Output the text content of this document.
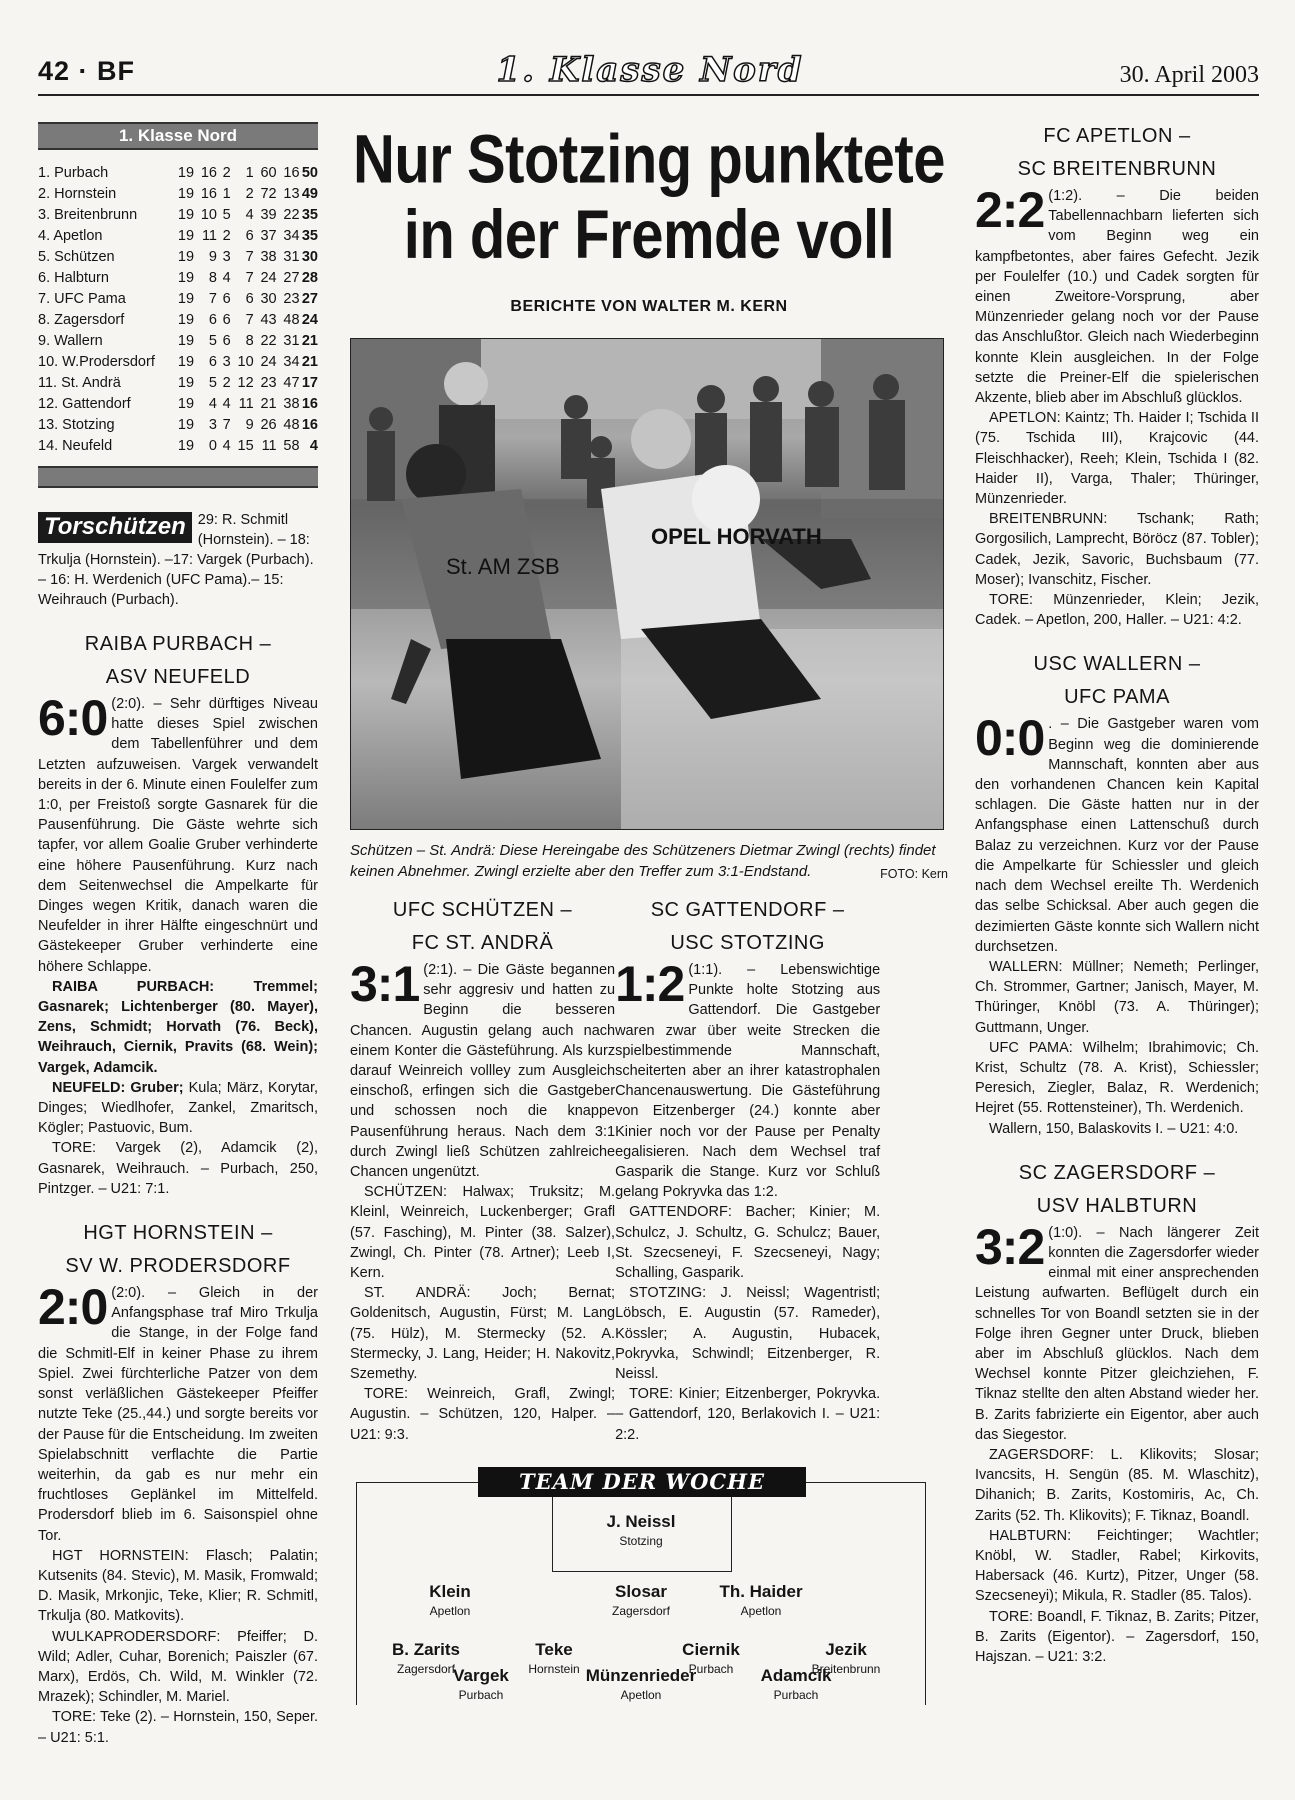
42 · BF	1. Klasse Nord	30. April 2003
1. Klasse Nord
1. Purbach	19	16	2	1	60	16	50
2. Hornstein	19	16	1	2	72	13	49
3. Breitenbrunn	19	10	5	4	39	22	35
4. Apetlon	19	11	2	6	37	34	35
5. Schützen	19	9	3	7	38	31	30
6. Halbturn	19	8	4	7	24	27	28
7. UFC Pama	19	7	6	6	30	23	27
8. Zagersdorf	19	6	6	7	43	48	24
9. Wallern	19	5	6	8	22	31	21
10. W.Prodersdorf	19	6	3	10	24	34	21
11. St. Andrä	19	5	2	12	23	47	17
12. Gattendorf	19	4	4	11	21	38	16
13. Stotzing	19	3	7	9	26	48	16
14. Neufeld	19	0	4	15	11	58	4
Torschützen 29: R. Schmitl (Hornstein). – 18: Trkulja (Hornstein). –17: Vargek (Purbach). – 16: H. Werdenich (UFC Pama).– 15: Weihrauch (Purbach).
RAIBA PURBACH –
ASV NEUFELD
6:0 (2:0). – Sehr dürftiges Niveau hatte dieses Spiel zwischen dem Tabellenführer und dem Letzten aufzuweisen. Vargek verwandelt bereits in der 6. Minute einen Foulelfer zum 1:0, per Freistoß sorgte Gasnarek für die Pausenführung. Die Gäste wehrte sich tapfer, vor allem Goalie Gruber verhinderte eine höhere Pausenführung. Kurz nach dem Seitenwechsel die Ampelkarte für Dinges wegen Kritik, danach waren die Neufelder in ihrer Hälfte eingeschnürt und Gästekeeper Gruber verhinderte eine höhere Schlappe.

RAIBA PURBACH: Tremmel; Gasnarek; Lichtenberger (80. Mayer), Zens, Schmidt; Horvath (76. Beck), Weihrauch, Ciernik, Pravits (68. Wein); Vargek, Adamcik.

NEUFELD: Gruber; Kula; März, Korytar, Dinges; Wiedlhofer, Zankel, Zmaritsch, Kögler; Pastuovic, Bum.

TORE: Vargek (2), Adamcik (2), Gasnarek, Weihrauch. – Purbach, 250, Pintzger. – U21: 7:1.

HGT HORNSTEIN –
SV W. PRODERSDORF
2:0 (2:0). – Gleich in der Anfangsphase traf Miro Trkulja die Stange, in der Folge fand die Schmitl-Elf in keiner Phase zu ihrem Spiel. Zwei fürchterliche Patzer von dem sonst verläßlichen Gästekeeper Pfeiffer nutzte Teke (25.,44.) und sorgte bereits vor der Pause für die Entscheidung. Im zweiten Spielabschnitt verflachte die Partie weiterhin, da gab es nur mehr ein fruchtloses Geplänkel im Mittelfeld. Prodersdorf blieb im 6. Saisonspiel ohne Tor.

HGT HORNSTEIN: Flasch; Palatin; Kutsenits (84. Stevic), M. Masik, Fromwald; D. Masik, Mrkonjic, Teke, Klier; R. Schmitl, Trkulja (80. Matkovits).

WULKAPRODERSDORF: Pfeiffer; D. Wild; Adler, Cuhar, Borenich; Paiszler (67. Marx), Erdös, Ch. Wild, M. Winkler (72. Mrazek); Schindler, M. Mariel.

TORE: Teke (2). – Hornstein, 150, Seper. – U21: 5:1.

Nur Stotzing punktete
in der Fremde voll
BERICHTE VON WALTER M. KERN
St. AM ZSB
OPEL HORVATH
Schützen – St. Andrä: Diese Hereingabe des Schützeners Dietmar Zwingl (rechts) findet keinen Abnehmer. Zwingl erzielte aber den Treffer zum 3:1-Endstand.	FOTO: Kern
UFC SCHÜTZEN –
FC ST. ANDRÄ
3:1 (2:1). – Die Gäste begannen sehr aggresiv und hatten zu Beginn die besseren Chancen. Augustin gelang auch nach einem Konter die Gästeführung. Als kurz darauf Weinreich vollley zum Ausgleich einschoß, erfingen sich die Gastgeber und schossen noch die knappe Pausenführung heraus. Nach dem 3:1 durch Zwingl ließ Schützen zahlreiche Chancen ungenützt.

SCHÜTZEN: Halwax; Truksitz; M. Kleinl, Weinreich, Luckenberger; Grafl (57. Fasching), M. Pinter (38. Salzer), Zwingl, Ch. Pinter (78. Artner); Leeb I, Kern.

ST. ANDRÄ: Joch; Bernat; Goldenitsch, Augustin, Fürst; M. Lang (75. Hülz), M. Stermecky (52. A. Stermecky, J. Lang, Heider; H. Nakovitz, Szemethy.

TORE: Weinreich, Grafl, Zwingl; Augustin. – Schützen, 120, Halper. – U21: 9:3.

SC GATTENDORF –
USC STOTZING
1:2 (1:1). – Lebenswichtige Punkte holte Stotzing aus Gattendorf. Die Gastgeber waren zwar über weite Strecken die spielbestimmende Mannschaft, scheiterten aber an ihrer katastrophalen Chancenauswertung. Die Gästeführung von Eitzenberger (24.) konnte aber Kinier noch vor der Pause per Penalty egalisieren. Nach dem Wechsel traf Gasparik die Stange. Kurz vor Schluß gelang Pokryvka das 1:2.

GATTENDORF: Bacher; Kinier; M. Schulcz, J. Schultz, G. Schulcz; Bauer, St. Szecseneyi, F. Szecseneyi, Nagy; Schalling, Gasparik.

STOTZING: J. Neissl; Wagentristl; Löbsch, E. Augustin (57. Rameder), Kössler; A. Augustin, Hubacek, Pokryvka, Schwindl; Eitzenberger, R. Neissl.

TORE: Kinier; Eitzenberger, Pokryvka. – Gattendorf, 120, Berlakovich I. – U21: 2:2.

TEAM DER WOCHE
J. Neissl
Stotzing
Klein
Apetlon
Slosar
Zagersdorf
Th. Haider
Apetlon
B. Zarits
Zagersdorf
Teke
Hornstein
Ciernik
Purbach
Jezik
Breitenbrunn
Vargek
Purbach
Münzenrieder
Apetlon
Adamcik
Purbach
FC APETLON –
SC BREITENBRUNN
2:2 (1:2). – Die beiden Tabellennachbarn lieferten sich vom Beginn weg ein kampfbetontes, aber faires Gefecht. Jezik per Foulelfer (10.) und Cadek sorgten für einen Zweitore-Vorsprung, aber Münzenrieder gelang noch vor der Pause das Anschlußtor. Gleich nach Wiederbeginn konnte Klein ausgleichen. In der Folge setzte die Preiner-Elf die spielerischen Akzente, blieb aber im Abschluß glücklos.

APETLON: Kaintz; Th. Haider I; Tschida II (75. Tschida III), Krajcovic (44. Fleischhacker), Reeh; Klein, Tschida I (82. Haider II), Varga, Thaler; Thüringer, Münzenrieder.

BREITENBRUNN: Tschank; Rath; Gorgosilich, Lamprecht, Böröcz (87. Tobler); Cadek, Jezik, Savoric, Buchsbaum (77. Moser); Ivanschitz, Fischer.

TORE: Münzenrieder, Klein; Jezik, Cadek. – Apetlon, 200, Haller. – U21: 4:2.

USC WALLERN –
UFC PAMA
0:0 . – Die Gastgeber waren vom Beginn weg die dominierende Mannschaft, konnten aber aus den vorhandenen Chancen kein Kapital schlagen. Die Gäste hatten nur in der Anfangsphase einen Lattenschuß durch Balaz zu verzeichnen. Kurz vor der Pause die Ampelkarte für Schiessler und gleich nach dem Wechsel ereilte Th. Werdenich das selbe Schicksal. Aber auch gegen die dezimierten Gäste konnte sich Wallern nicht durchsetzen.

WALLERN: Müllner; Nemeth; Perlinger, Ch. Strommer, Gartner; Janisch, Mayer, M. Thüringer, Knöbl (73. A. Thüringer); Guttmann, Unger.

UFC PAMA: Wilhelm; Ibrahimovic; Ch. Krist, Schultz (78. A. Krist), Schiessler; Peresich, Ziegler, Balaz, R. Werdenich; Hejret (55. Rottensteiner), Th. Werdenich.

Wallern, 150, Balaskovits I. – U21: 4:0.

SC ZAGERSDORF –
USV HALBTURN
3:2 (1:0). – Nach längerer Zeit konnten die Zagersdorfer wieder einmal mit einer ansprechenden Leistung aufwarten. Beflügelt durch ein schnelles Tor von Boandl setzten sie in der Folge ihren Gegner unter Druck, blieben aber im Abschluß glücklos. Nach dem Wechsel konnte Pitzer gleichziehen, F. Tiknaz stellte den alten Abstand wieder her. B. Zarits fabrizierte ein Eigentor, aber auch das Siegestor.

ZAGERSDORF: L. Klikovits; Slosar; Ivancsits, H. Sengün (85. M. Wlaschitz), Dihanich; B. Zarits, Kostomiris, Ac, Ch. Zarits (52. Th. Klikovits); F. Tiknaz, Boandl.

HALBTURN: Feichtinger; Wachtler; Knöbl, W. Stadler, Rabel; Kirkovits, Habersack (46. Kurtz), Pitzer, Unger (58. Szecseneyi); Mikula, R. Stadler (85. Talos).

TORE: Boandl, F. Tiknaz, B. Zarits; Pitzer, B. Zarits (Eigentor). – Zagersdorf, 150, Hajszan. – U21: 3:2.
